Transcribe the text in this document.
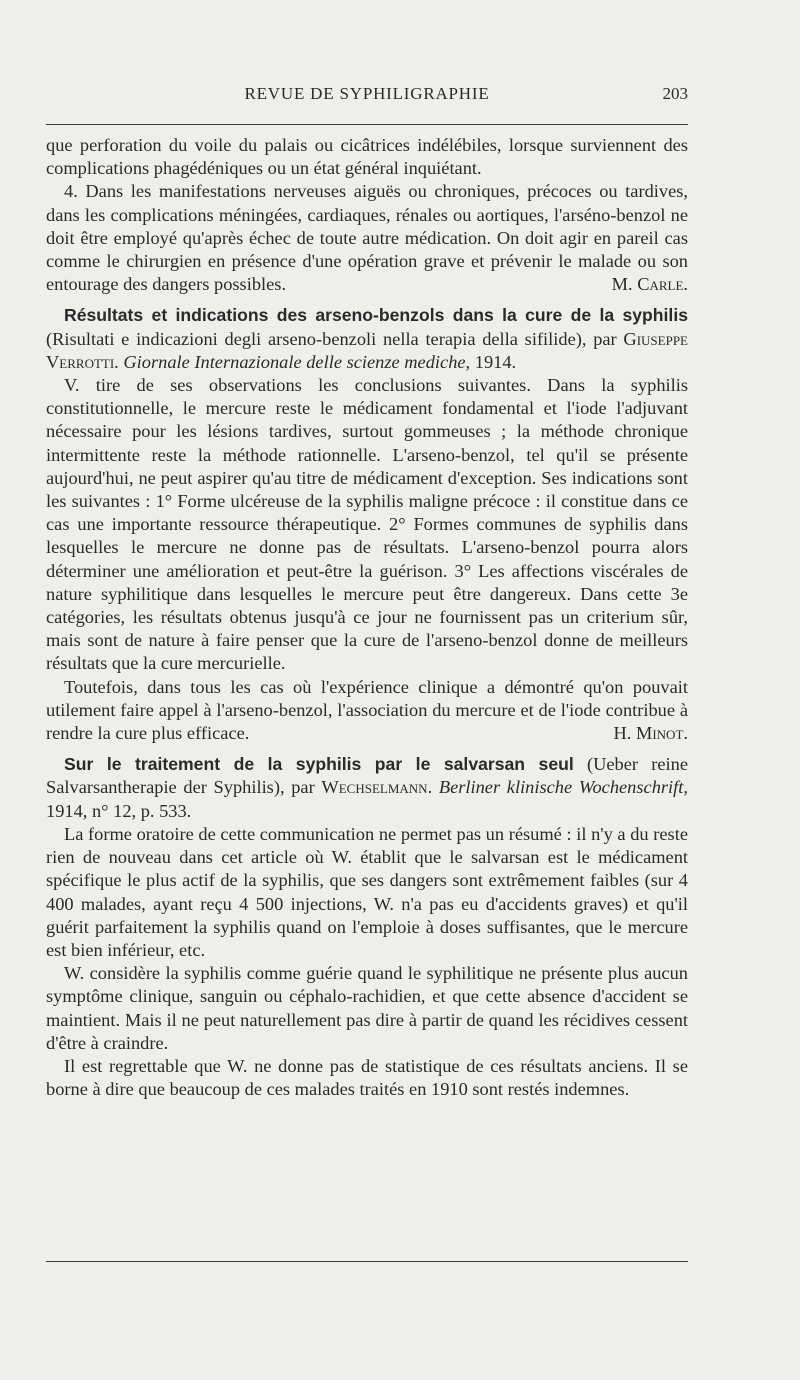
REVUE DE SYPHILIGRAPHIE	203

que perforation du voile du palais ou cicâtrices indélébiles, lorsque surviennent des complications phagédéniques ou un état général inquiétant.

4. Dans les manifestations nerveuses aiguës ou chroniques, précoces ou tardives, dans les complications méningées, cardiaques, rénales ou aortiques, l'arséno-benzol ne doit être employé qu'après échec de toute autre médication. On doit agir en pareil cas comme le chirurgien en présence d'une opération grave et prévenir le malade ou son entourage des dangers possibles.	M. Carle.

Résultats et indications des arseno-benzols dans la cure de la syphilis (Risultati e indicazioni degli arseno-benzoli nella terapia della sifilide), par Giuseppe Verrotti. Giornale Internazionale delle scienze mediche, 1914.

V. tire de ses observations les conclusions suivantes. Dans la syphilis constitutionnelle, le mercure reste le médicament fondamental et l'iode l'adjuvant nécessaire pour les lésions tardives, surtout gommeuses ; la méthode chronique intermittente reste la méthode rationnelle. L'arseno-benzol, tel qu'il se présente aujourd'hui, ne peut aspirer qu'au titre de médicament d'exception. Ses indications sont les suivantes : 1° Forme ulcéreuse de la syphilis maligne précoce : il constitue dans ce cas une importante ressource thérapeutique. 2° Formes communes de syphilis dans lesquelles le mercure ne donne pas de résultats. L'arseno-benzol pourra alors déterminer une amélioration et peut-être la guérison. 3° Les affections viscérales de nature syphilitique dans lesquelles le mercure peut être dangereux. Dans cette 3e catégories, les résultats obtenus jusqu'à ce jour ne fournissent pas un criterium sûr, mais sont de nature à faire penser que la cure de l'arseno-benzol donne de meilleurs résultats que la cure mercurielle.

Toutefois, dans tous les cas où l'expérience clinique a démontré qu'on pouvait utilement faire appel à l'arseno-benzol, l'association du mercure et de l'iode contribue à rendre la cure plus efficace.	H. Minot.

Sur le traitement de la syphilis par le salvarsan seul (Ueber reine Salvarsantherapie der Syphilis), par Wechselmann. Berliner klinische Wochenschrift, 1914, n° 12, p. 533.

La forme oratoire de cette communication ne permet pas un résumé : il n'y a du reste rien de nouveau dans cet article où W. établit que le salvarsan est le médicament spécifique le plus actif de la syphilis, que ses dangers sont extrêmement faibles (sur 4 400 malades, ayant reçu 4 500 injections, W. n'a pas eu d'accidents graves) et qu'il guérit parfaitement la syphilis quand on l'emploie à doses suffisantes, que le mercure est bien inférieur, etc.

W. considère la syphilis comme guérie quand le syphilitique ne présente plus aucun symptôme clinique, sanguin ou céphalo-rachidien, et que cette absence d'accident se maintient. Mais il ne peut naturellement pas dire à partir de quand les récidives cessent d'être à craindre.

Il est regrettable que W. ne donne pas de statistique de ces résultats anciens. Il se borne à dire que beaucoup de ces malades traités en 1910 sont restés indemnes.
